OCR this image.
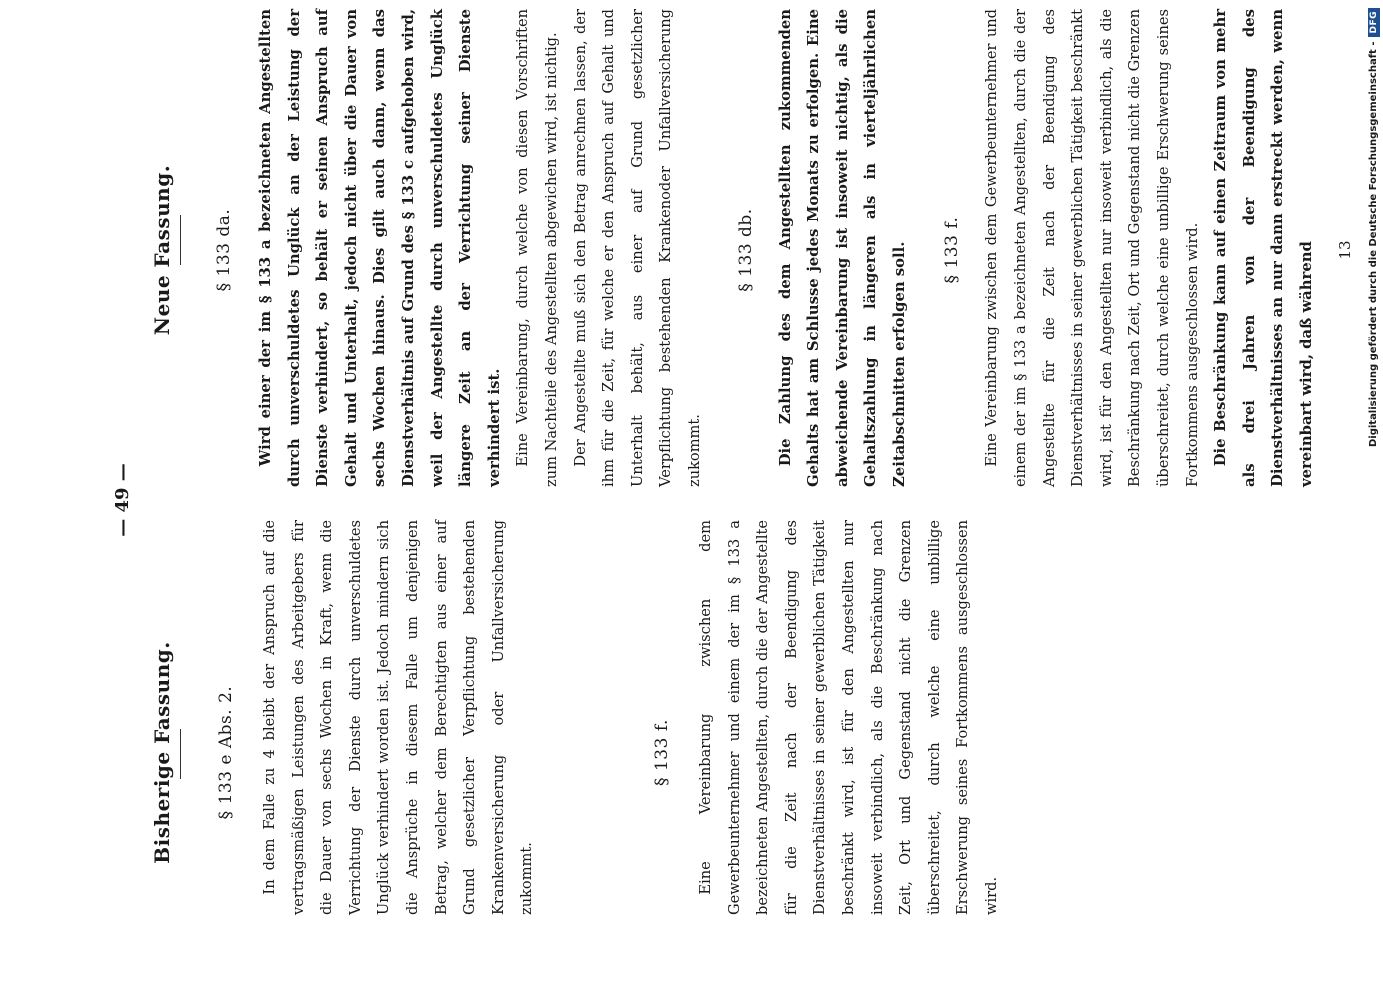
— 49 —
Bisherige Fassung. § 133 e Abs. 2.	In dem Falle zu 4 bleibt der Anspruch auf die vertragsmäßigen Leistungen des Arbeitgebers für die Dauer von sechs Wochen in Kraft, wenn die Verrichtung der Dienste durch unverschuldetes Unglück verhindert worden ist. Jedoch mindern sich die Ansprüche in diesem Falle um denjenigen Betrag, welcher dem Berechtigten aus einer auf Grund gesetzlicher Verpflichtung bestehenden Krankenversicherung oder Unfallversicherung zukommt.

§ 133 f.	Eine Vereinbarung zwischen dem Gewerbeunternehmer und einem der im § 133 a bezeichneten Angestellten, durch die der Angestellte für die Zeit nach der Beendigung des Dienstverhältnisses in seiner gewerblichen Tätigkeit beschränkt wird, ist für den Angestellten nur insoweit verbindlich, als die Beschränkung nach Zeit, Ort und Gegenstand nicht die Grenzen überschreitet, durch welche eine unbillige Erschwerung seines Fortkommens ausgeschlossen wird.

Neue Fassung. § 133 da.	Wird einer der im § 133 a bezeichneten Angestellten durch unverschuldetes Unglück an der Leistung der Dienste verhindert, so behält er seinen Anspruch auf Gehalt und Unterhalt, jedoch nicht über die Dauer von sechs Wochen hinaus. Dies gilt auch dann, wenn das Dienstverhältnis auf Grund des § 133 c aufgehoben wird, weil der Angestellte durch unverschuldetes Unglück längere Zeit an der Verrichtung seiner Dienste verhindert ist. Eine Vereinbarung, durch welche von diesen Vorschriften zum Nachteile des Angestellten abgewichen wird, ist nichtig. Der Angestellte muß sich den Betrag anrechnen lassen, der ihm für die Zeit, für welche er den Anspruch auf Gehalt und Unterhalt behält, aus einer auf Grund gesetzlicher Verpflichtung bestehenden Krankenoder Unfallversicherung zukommt.

§ 133 db.	Die Zahlung des dem Angestellten zukommenden Gehalts hat am Schlusse jedes Monats zu erfolgen. Eine abweichende Vereinbarung ist insoweit nichtig, als die Gehaltszahlung in längeren als in vierteljährlichen Zeitabschnitten erfolgen soll.	§ 133 f.	Eine Vereinbarung zwischen dem Gewerbeunternehmer und einem der im § 133 a bezeichneten Angestellten, durch die der Angestellte für die Zeit nach der Beendigung des Dienstverhältnisses in seiner gewerblichen Tätigkeit beschränkt wird, ist für den Angestellten nur insoweit verbindlich, als die Beschränkung nach Zeit, Ort und Gegenstand nicht die Grenzen überschreitet, durch welche eine unbillige Erschwerung seines Fortkommens ausgeschlossen wird. Die Beschränkung kann auf einen Zeitraum von mehr als drei Jahren von der Beendigung des Dienstverhältnisses an nur dann erstreckt werden, wenn vereinbart wird, daß während	13 Digitalisierung gefördert durch die Deutsche Forschungsgemeinschaft -
DFG
